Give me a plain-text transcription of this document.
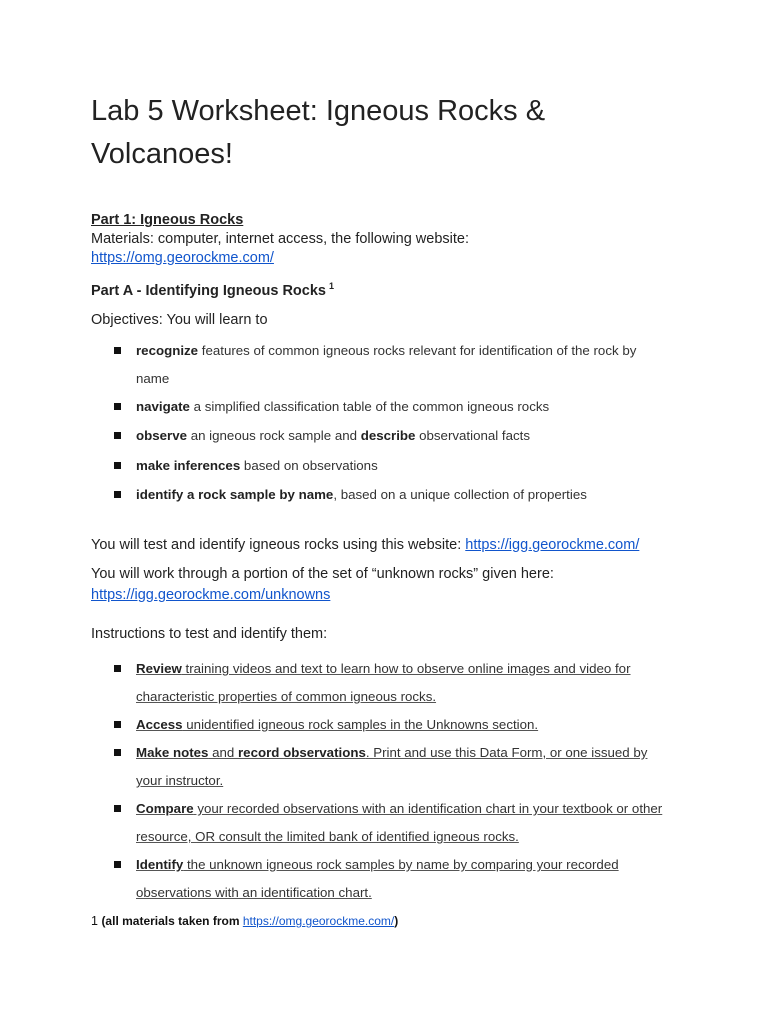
Lab 5 Worksheet: Igneous Rocks & Volcanoes!
Part 1: Igneous Rocks
Materials: computer, internet access, the following website:
https://omg.georockme.com/
Part A - Identifying Igneous Rocks $^1$
Objectives: You will learn to
recognize features of common igneous rocks relevant for identification of the rock by name
navigate a simplified classification table of the common igneous rocks
observe an igneous rock sample and describe observational facts
make inferences based on observations
identify a rock sample by name, based on a unique collection of properties
You will test and identify igneous rocks using this website: https://igg.georockme.com/
You will work through a portion of the set of “unknown rocks” given here:
https://igg.georockme.com/unknowns
Instructions to test and identify them:
Review training videos and text to learn how to observe online images and video for characteristic properties of common igneous rocks.
Access unidentified igneous rock samples in the Unknowns section.
Make notes and record observations. Print and use this Data Form, or one issued by your instructor.
Compare your recorded observations with an identification chart in your textbook or other resource, OR consult the limited bank of identified igneous rocks.
Identify the unknown igneous rock samples by name by comparing your recorded observations with an identification chart.
1 (all materials taken from https://omg.georockme.com/)
